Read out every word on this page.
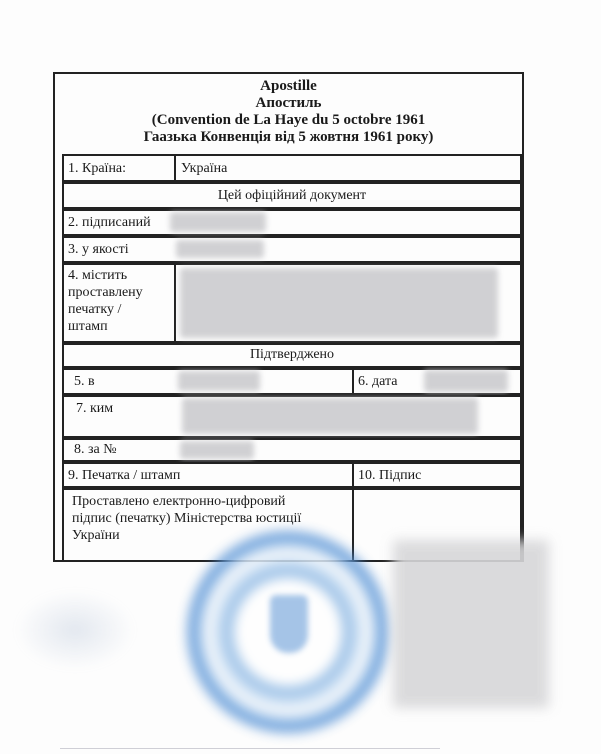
Apostille
Апостиль
(Convention de La Haye du 5 octobre 1961
Гаазька Конвенція від 5 жовтня 1961 року)
1. Країна:	Україна
Цей офіційний документ
2. підписаний
3. у якості
4. містить
проставлену
печатку /
штамп
Підтверджено
5. в	6. дата
7. ким
8. за №
9. Печатка / штамп	10. Підпис
Проставлено електронно-цифровий
підпис (печатку) Міністерства юстиції
України
